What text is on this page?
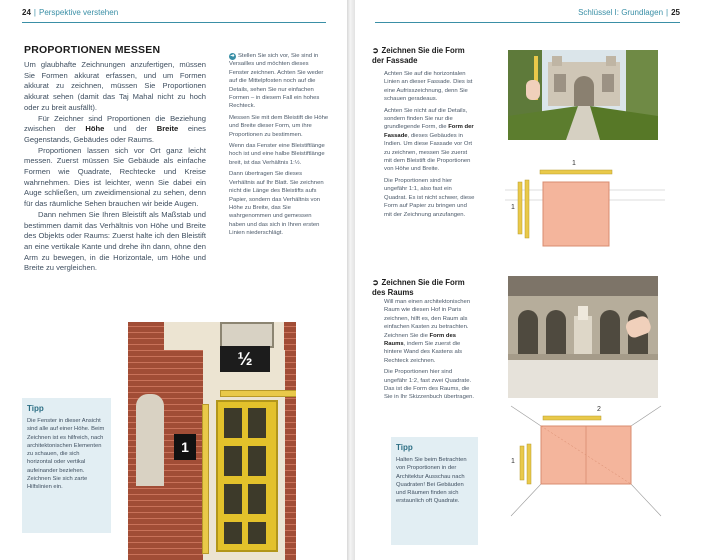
24 | Perspektive verstehen
PROPORTIONEN MESSEN

Um glaubhafte Zeichnungen anzufertigen, müssen Sie Formen akkurat erfassen, und um Formen akkurat zu zeichnen, müssen Sie Proportionen akkurat sehen (damit das Taj Mahal nicht zu hoch oder zu breit ausfällt).

Für Zeichner sind Proportionen die Beziehung zwischen der Höhe und der Breite eines Gegenstands, Gebäudes oder Raums.

Proportionen lassen sich vor Ort ganz leicht messen. Zuerst müssen Sie Gebäude als einfache Formen wie Quadrate, Rechtecke und Kreise wahrnehmen. Dies ist leichter, wenn Sie dabei ein Auge schließen, um zweidimensional zu sehen, denn für das räumliche Sehen brauchen wir beide Augen.

Dann nehmen Sie Ihren Bleistift als Maßstab und bestimmen damit das Verhältnis von Höhe und Breite des Objekts oder Raums: Zuerst halte ich den Bleistift an eine vertikale Kante und drehe ihn dann, ohne den Arm zu bewegen, in die Horizontale, um Höhe und Breite zu vergleichen.

➜ Stellen Sie sich vor, Sie sind in Versailles und möchten dieses Fenster zeichnen. Achten Sie weder auf die Mittelpfosten noch auf die Details, sehen Sie nur einfachen Formen – in diesem Fall ein hohes Rechteck.

Messen Sie mit dem Bleistift die Höhe und Breite dieser Form, um ihre Proportionen zu bestimmen.

Wenn das Fenster eine Bleistiftlänge hoch ist und eine halbe Bleistiftlänge breit, ist das Verhältnis 1:½.

Dann übertragen Sie dieses Verhältnis auf Ihr Blatt. Sie zeichnen nicht die Länge des Bleistifts aufs Papier, sondern das Verhältnis von Höhe zu Breite, das Sie wahrgenommen und gemessen haben und das sich in Ihren ersten Linien niederschlägt.

Tipp
Die Fenster in dieser Ansicht sind alle auf einer Höhe. Beim Zeichnen ist es hilfreich, nach architektonischen Elementen zu schauen, die sich horizontal oder vertikal aufeinander beziehen. Zeichnen Sie sich zarte Hilfslinien ein.
½
1
Schlüssel I: Grundlagen | 25
➲ Zeichnen Sie die Form der Fassade

Achten Sie auf die horizontalen Linien an dieser Fassade. Dies ist eine Aufrisszeichnung, denn Sie schauen geradeaus.

Achten Sie nicht auf die Details, sondern finden Sie nur die grundlegende Form, die Form der Fassade, dieses Gebäudes in Indien. Um diese Fassade vor Ort zu zeichnen, messen Sie zuerst mit dem Bleistift die Proportionen von Höhe und Breite.

Die Proportionen sind hier ungefähr 1:1, also fast ein Quadrat. Es ist nicht schwer, diese Form auf Papier zu bringen und mit der Zeichnung anzufangen.

➲ Zeichnen Sie die Form des Raums

Will man einen architektonischen Raum wie diesen Hof in Paris zeichnen, hilft es, den Raum als einfachen Kasten zu betrachten. Zeichnen Sie die Form des Raums, indem Sie zuerst die hintere Wand des Kastens als Rechteck zeichnen.

Die Proportionen hier sind ungefähr 1:2, fast zwei Quadrate. Das ist die Form des Raums, die Sie in Ihr Skizzenbuch übertragen.

Tipp
Halten Sie beim Betrachten von Proportionen in der Architektur Ausschau nach Quadraten! Bei Gebäuden und Räumen finden sich erstaunlich oft Quadrate.
1
1
2
1
